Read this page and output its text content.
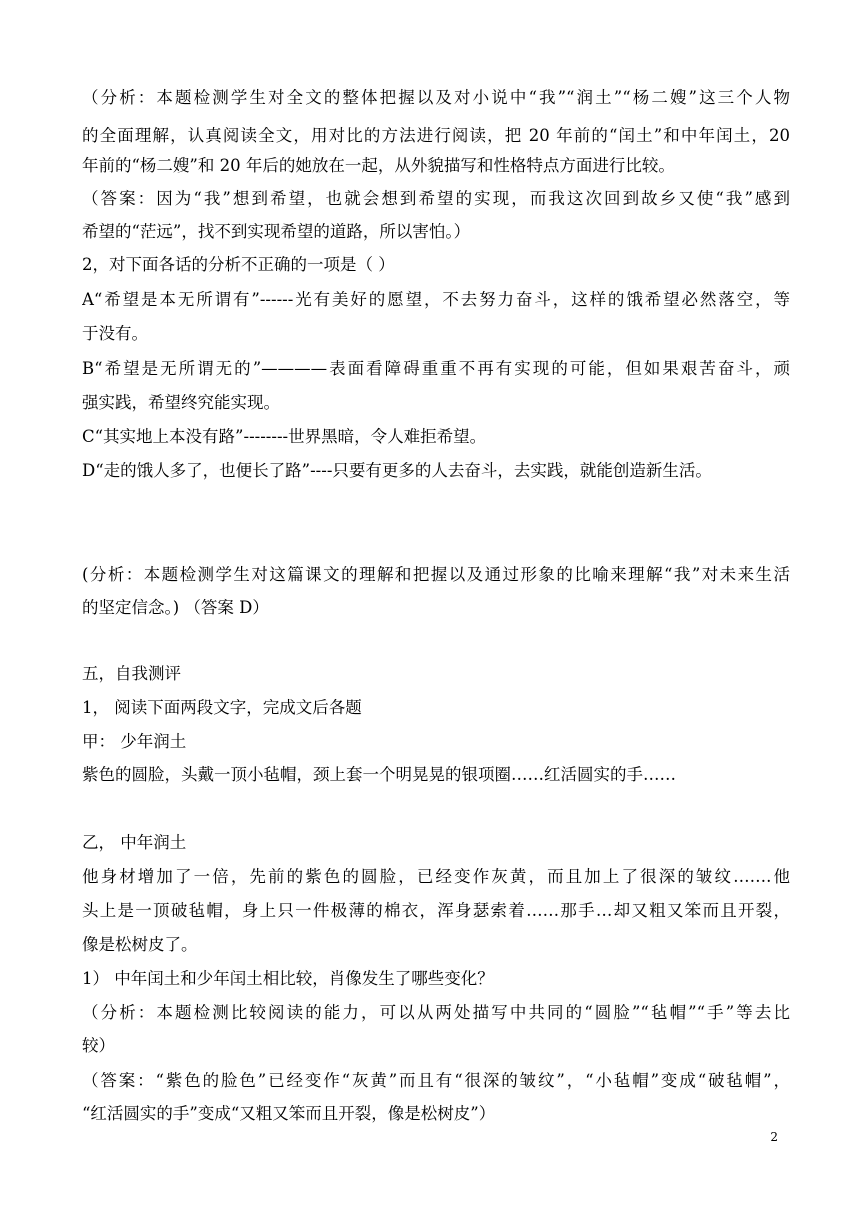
（分析：本题检测学生对全文的整体把握以及对小说中“我”“润土”“杨二嫂”这三个人物
的全面理解，认真阅读全文，用对比的方法进行阅读，把 20 年前的“闰土”和中年闰土，20
年前的“杨二嫂”和 20 年后的她放在一起，从外貌描写和性格特点方面进行比较。
（答案：因为“我”想到希望，也就会想到希望的实现，而我这次回到故乡又使“我”感到
希望的“茫远”，找不到实现希望的道路，所以害怕。）
2，对下面各话的分析不正确的一项是（ ）
A“希望是本无所谓有”------光有美好的愿望，不去努力奋斗，这样的饿希望必然落空，等
于没有。
B“希望是无所谓无的”————表面看障碍重重不再有实现的可能，但如果艰苦奋斗，顽
强实践，希望终究能实现。
C“其实地上本没有路”--------世界黑暗，令人难拒希望。
D“走的饿人多了，也便长了路”----只要有更多的人去奋斗，去实践，就能创造新生活。
(分析：本题检测学生对这篇课文的理解和把握以及通过形象的比喻来理解“我”对未来生活
的坚定信念。) （答案 D）
五，自我测评
1， 阅读下面两段文字，完成文后各题
甲： 少年润土
紫色的圆脸，头戴一顶小毡帽，颈上套一个明晃晃的银项圈……红活圆实的手……
乙， 中年润土
他身材增加了一倍，先前的紫色的圆脸，已经变作灰黄，而且加上了很深的皱纹…….他
头上是一顶破毡帽，身上只一件极薄的棉衣，浑身瑟索着……那手…却又粗又笨而且开裂，
像是松树皮了。
1） 中年闰土和少年闰土相比较，肖像发生了哪些变化？
（分析：本题检测比较阅读的能力，可以从两处描写中共同的“圆脸”“毡帽”“手”等去比
较）
（答案：“紫色的脸色”已经变作“灰黄”而且有“很深的皱纹”，“小毡帽”变成“破毡帽”，
“红活圆实的手”变成“又粗又笨而且开裂，像是松树皮”）
2
